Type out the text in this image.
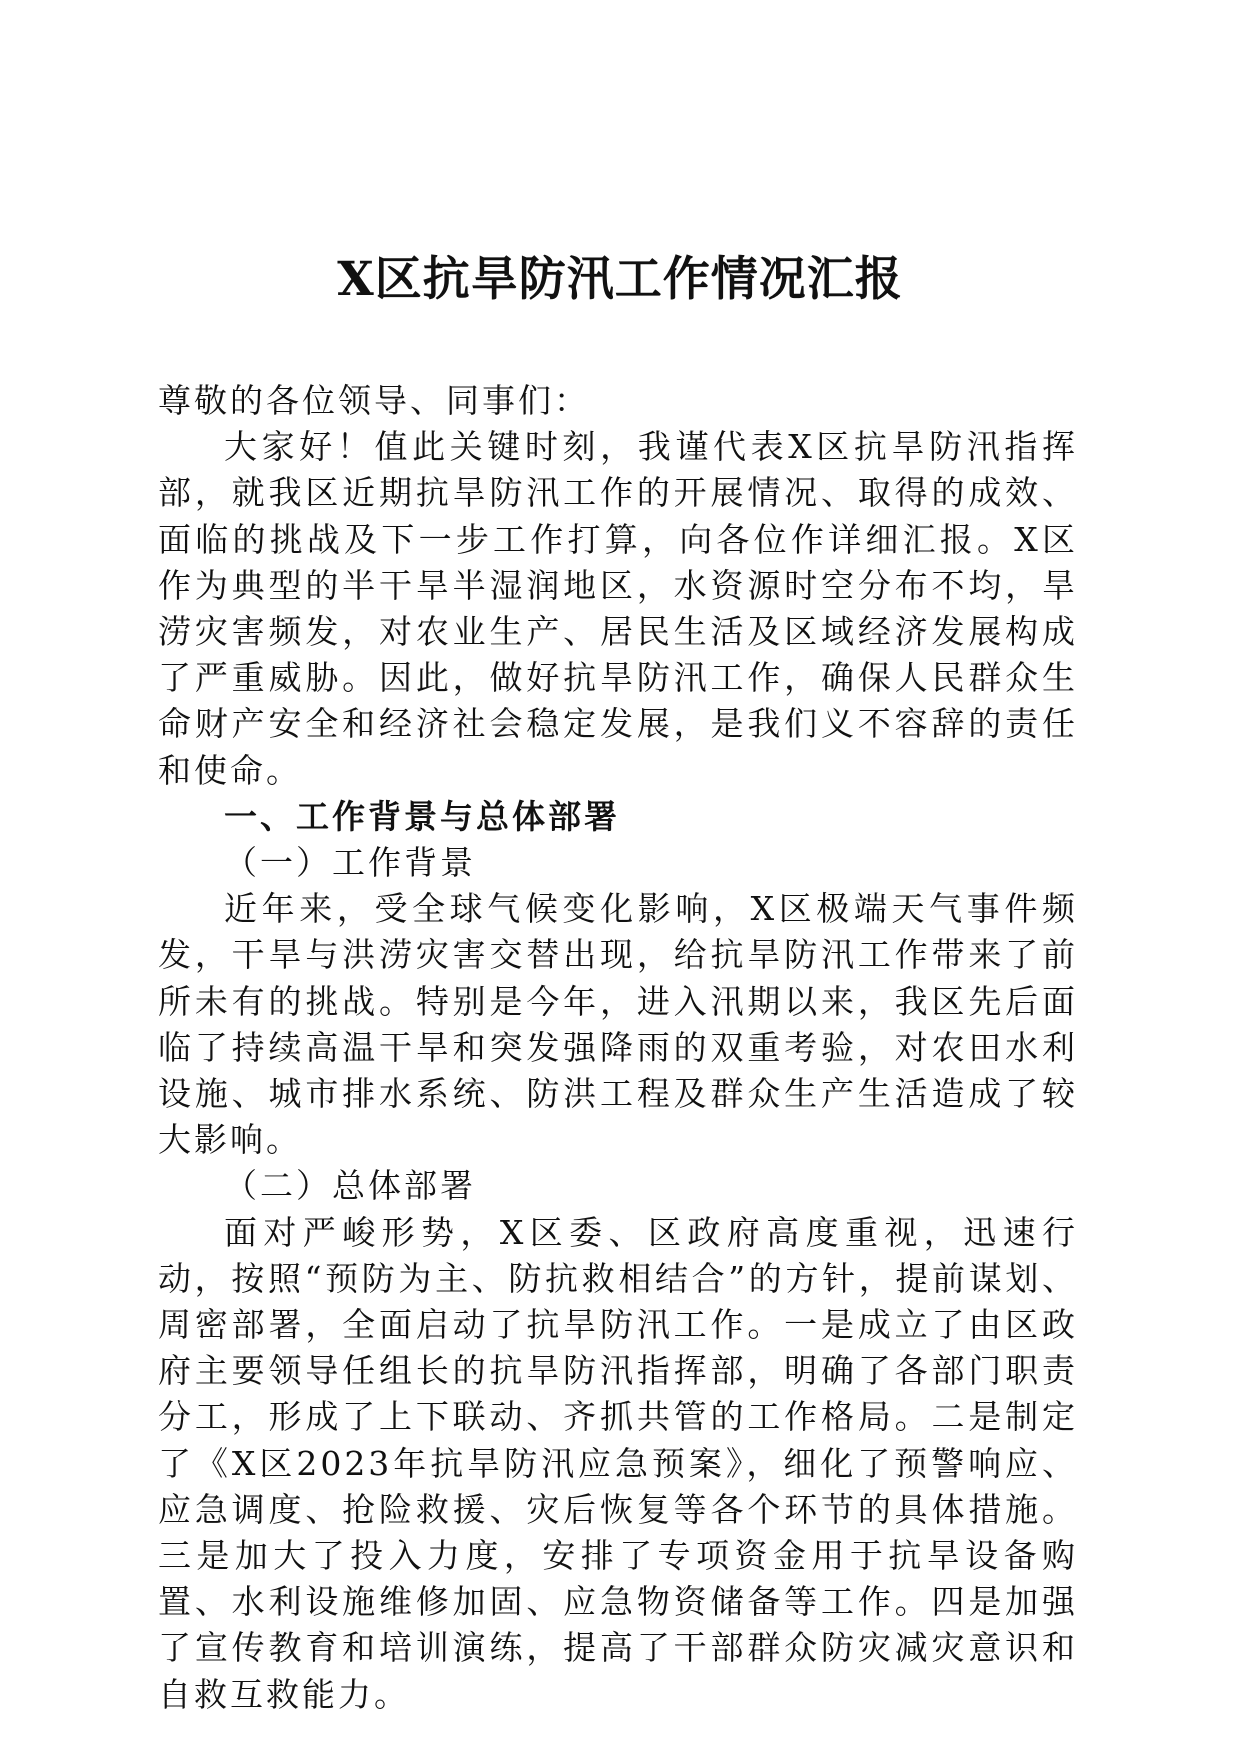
X区抗旱防汛工作情况汇报

尊敬的各位领导、同事们：

大家好！值此关键时刻，我谨代表X区抗旱防汛指挥部，就我区近期抗旱防汛工作的开展情况、取得的成效、面临的挑战及下一步工作打算，向各位作详细汇报。X区作为典型的半干旱半湿润地区，水资源时空分布不均，旱涝灾害频发，对农业生产、居民生活及区域经济发展构成了严重威胁。因此，做好抗旱防汛工作，确保人民群众生命财产安全和经济社会稳定发展，是我们义不容辞的责任和使命。

一、工作背景与总体部署

（一）工作背景

近年来，受全球气候变化影响，X区极端天气事件频发，干旱与洪涝灾害交替出现，给抗旱防汛工作带来了前所未有的挑战。特别是今年，进入汛期以来，我区先后面临了持续高温干旱和突发强降雨的双重考验，对农田水利设施、城市排水系统、防洪工程及群众生产生活造成了较大影响。

（二）总体部署

面对严峻形势，X区委、区政府高度重视，迅速行动，按照“预防为主、防抗救相结合”的方针，提前谋划、周密部署，全面启动了抗旱防汛工作。一是成立了由区政府主要领导任组长的抗旱防汛指挥部，明确了各部门职责分工，形成了上下联动、齐抓共管的工作格局。二是制定了《X区2023年抗旱防汛应急预案》，细化了预警响应、应急调度、抢险救援、灾后恢复等各个环节的具体措施。三是加大了投入力度，安排了专项资金用于抗旱设备购置、水利设施维修加固、应急物资储备等工作。四是加强了宣传教育和培训演练，提高了干部群众防灾减灾意识和自救互救能力。
